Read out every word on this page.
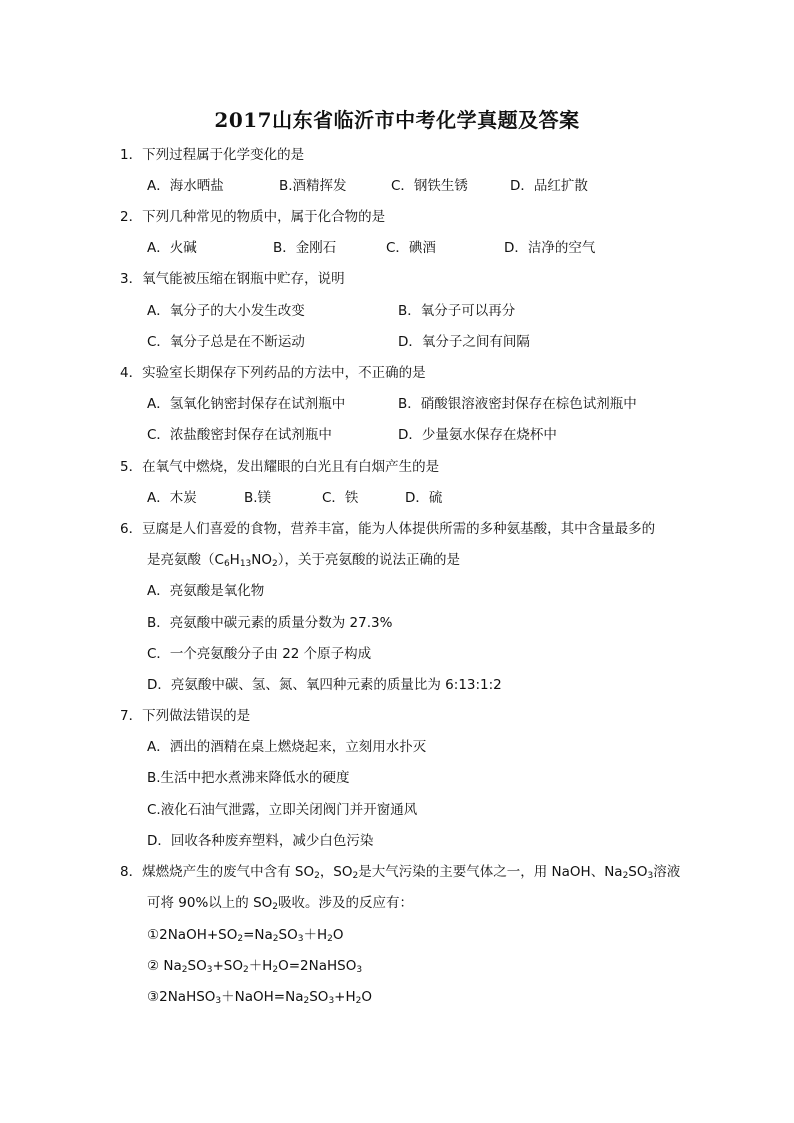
2017山东省临沂市中考化学真题及答案
1．下列过程属于化学变化的是
A．海水晒盐	B.酒精挥发	C．钢铁生锈	D．品红扩散
2．下列几种常见的物质中，属于化合物的是
A．火碱	B．金刚石	C．碘酒	D．洁净的空气
3．氧气能被压缩在钢瓶中贮存，说明
A．氧分子的大小发生改变	B．氧分子可以再分
C．氧分子总是在不断运动	D．氧分子之间有间隔
4．实验室长期保存下列药品的方法中，不正确的是
A．氢氧化钠密封保存在试剂瓶中	B．硝酸银溶液密封保存在棕色试剂瓶中
C．浓盐酸密封保存在试剂瓶中	D．少量氨水保存在烧杯中
5．在氧气中燃烧，发出耀眼的白光且有白烟产生的是
A．木炭	B.镁	C．铁	D．硫
6．豆腐是人们喜爱的食物，营养丰富，能为人体提供所需的多种氨基酸，其中含量最多的
是亮氨酸$(C_6H_{13}NO_2)$，关于亮氨酸的说法正确的是
A．亮氨酸是氧化物
B．亮氨酸中碳元素的质量分数为 27.3%
C．一个亮氨酸分子由 22 个原子构成
D．亮氨酸中碳、氢、氮、氧四种元素的质量比为 6:13:1:2
7．下列做法错误的是
A．洒出的酒精在桌上燃烧起来，立刻用水扑灭
B.生活中把水煮沸来降低水的硬度
C.液化石油气泄露，立即关闭阀门并开窗通风
D．回收各种废弃塑料，减少白色污染
8．煤燃烧产生的废气中含有 $SO_2$，$SO_2$是大气污染的主要气体之一，用 NaOH、$Na_2SO_3$溶液
可将 90%以上的 $SO_2$吸收。涉及的反应有：
$①2NaOH+SO_2=Na_2SO_3+H_2O$
② $Na_2SO_3+SO_2+H_2O=2NaHSO_3$
$③2NaHSO_3+NaOH=Na_2SO_3+H_2O$
